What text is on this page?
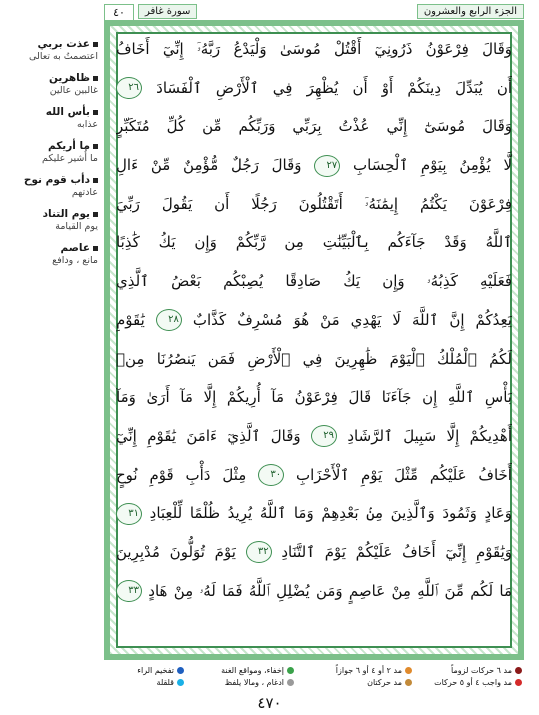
الجزء الرابع والعشرون
سورة غافر
٤٠
عذت بربي
اعتصمتُ به تعالى
ظاهرين
غالبين عالين
بأس الله
عذابه
ما أريكم
ما أُشير عليكم
دأب قوم نوح
عادتهم
يوم التناد
يوم القيامة
عاصم
مانع ، ودافع
وَقَالَ فِرْعَوْنُ ذَرُونِيٓ أَقْتُلْ مُوسَىٰ وَلْيَدْعُ رَبَّهُۥٓ إِنِّيٓ أَخَافُ
أَن يُبَدِّلَ دِينَكُمْ أَوْ أَن يُظْهِرَ فِي ٱلْأَرْضِ ٱلْفَسَادَ ٢٦
وَقَالَ مُوسَىٰٓ إِنِّي عُذْتُ بِرَبِّي وَرَبِّكُم مِّن كُلِّ مُتَكَبِّرٍ
لَّا يُؤْمِنُ بِيَوْمِ ٱلْحِسَابِ ٢٧ وَقَالَ رَجُلٌ مُّؤْمِنٌ مِّنْ ءَالِ
فِرْعَوْنَ يَكْتُمُ إِيمَٰنَهُۥٓ أَتَقْتُلُونَ رَجُلًا أَن يَقُولَ رَبِّيَ
ٱللَّهُ وَقَدْ جَآءَكُم بِٱلْبَيِّنَٰتِ مِن رَّبِّكُمْ وَإِن يَكُ كَٰذِبًا
فَعَلَيْهِ كَذِبُهُۥ وَإِن يَكُ صَادِقًا يُصِبْكُم بَعْضُ ٱلَّذِي
يَعِدُكُمْ إِنَّ ٱللَّهَ لَا يَهْدِي مَنْ هُوَ مُسْرِفٌ كَذَّابٌ ٢٨ يَٰقَوْمِ
لَكُمُ ٱلْمُلْكُ ٱلْيَوْمَ ظَٰهِرِينَ فِي ٱلْأَرْضِ فَمَن يَنصُرُنَا مِنۢ
بَأْسِ ٱللَّهِ إِن جَآءَنَا قَالَ فِرْعَوْنُ مَآ أُرِيكُمْ إِلَّا مَآ أَرَىٰ وَمَآ
أَهْدِيكُمْ إِلَّا سَبِيلَ ٱلرَّشَادِ ٢٩ وَقَالَ ٱلَّذِيٓ ءَامَنَ يَٰقَوْمِ إِنِّيٓ
أَخَافُ عَلَيْكُم مِّثْلَ يَوْمِ ٱلْأَحْزَابِ ٣٠ مِثْلَ دَأْبِ قَوْمِ نُوحٍ
وَعَادٍ وَثَمُودَ وَٱلَّذِينَ مِنۢ بَعْدِهِمْ وَمَا ٱللَّهُ يُرِيدُ ظُلْمًا لِّلْعِبَادِ ٣١
وَيَٰقَوْمِ إِنِّيٓ أَخَافُ عَلَيْكُمْ يَوْمَ ٱلتَّنَادِ ٣٢ يَوْمَ تُوَلُّونَ مُدْبِرِينَ
مَا لَكُم مِّنَ ٱللَّهِ مِنْ عَاصِمٍ وَمَن يُضْلِلِ ٱللَّهُ فَمَا لَهُۥ مِنْ هَادٍ ٣٣
مد ٦ حركات لزوماً
مد واجب ٤ أو ٥ حركات
مد ٢ أو ٤ أو ٦ جوازاً
مد حركتان
إخفاء، ومواقع الغنة
ادغام ، ومالا يلفظ
تفخيم الراء
قلقلة
٤٧٠
